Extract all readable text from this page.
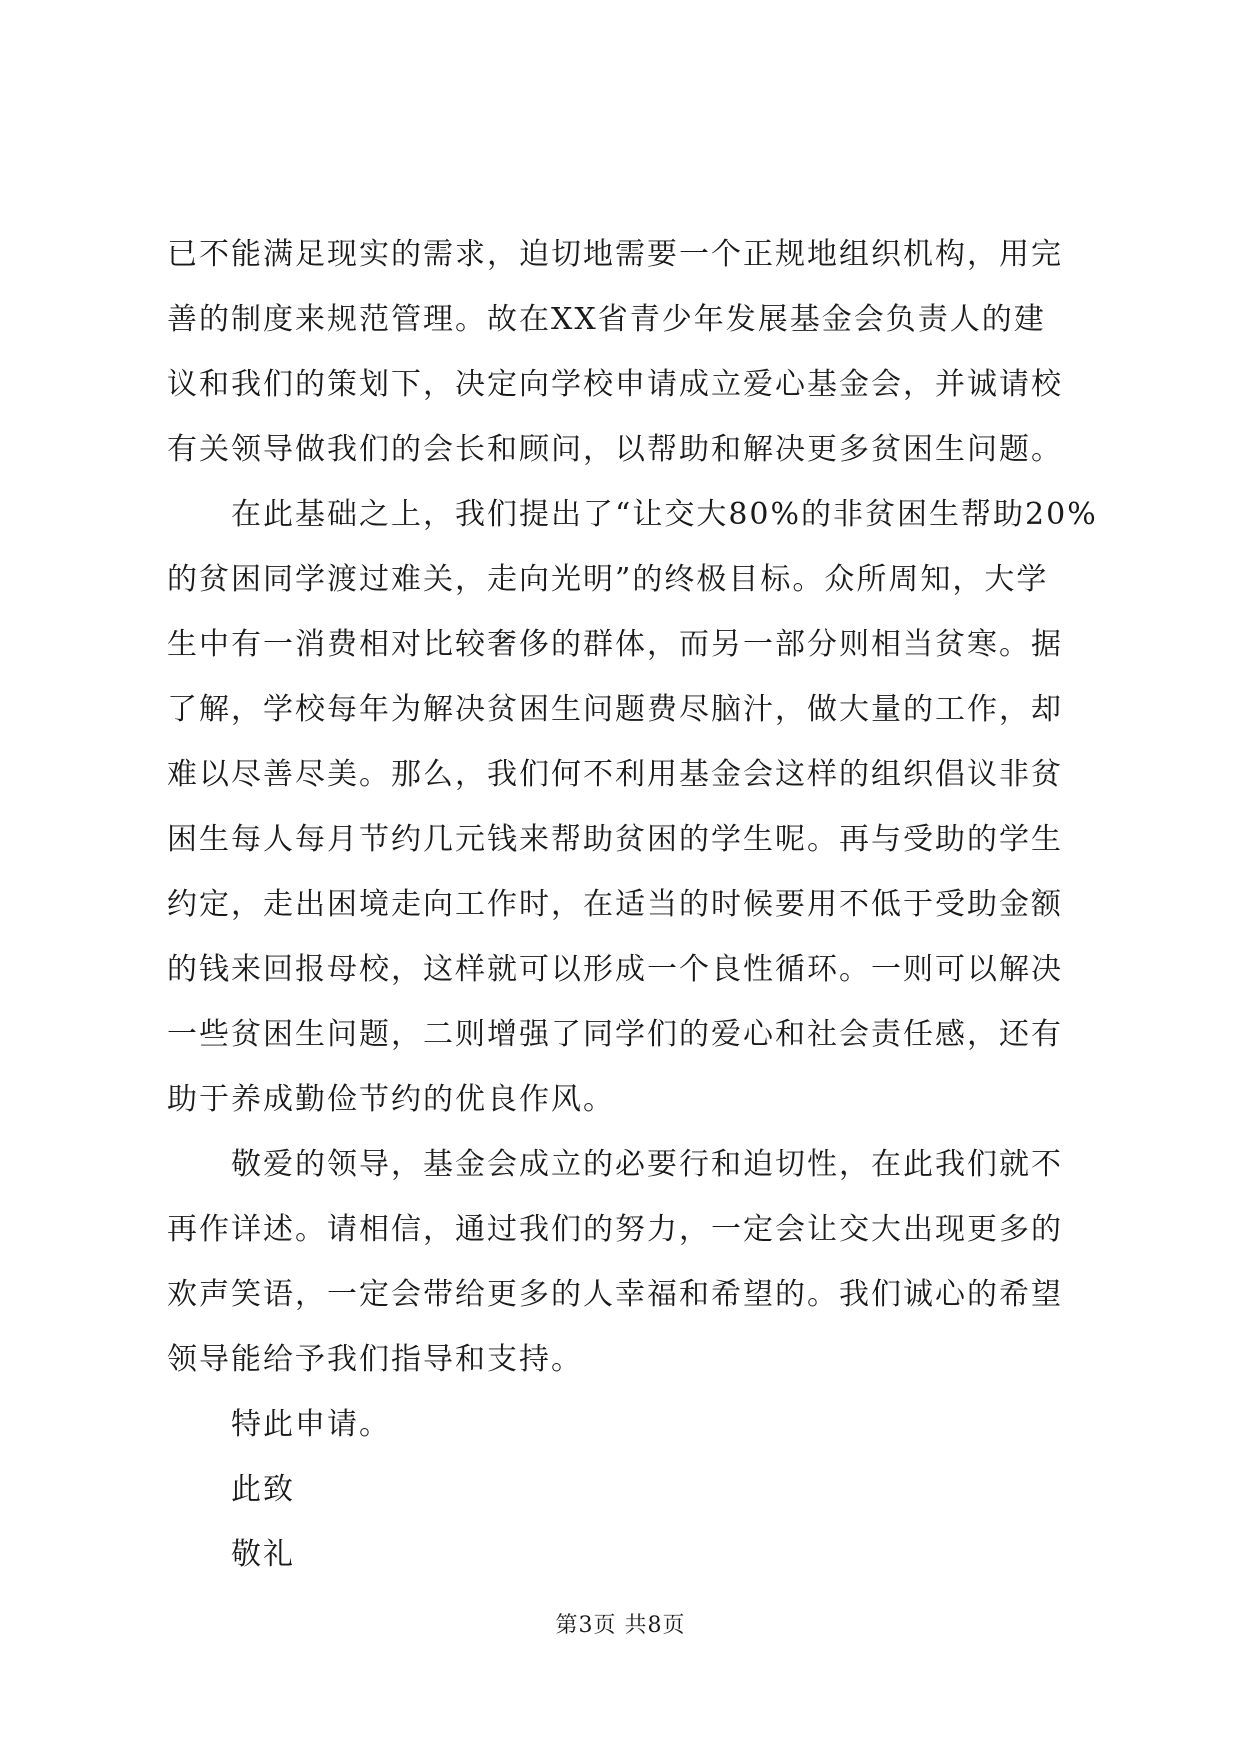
已不能满足现实的需求，迫切地需要一个正规地组织机构，用完
善的制度来规范管理。故在XX省青少年发展基金会负责人的建
议和我们的策划下，决定向学校申请成立爱心基金会，并诚请校
有关领导做我们的会长和顾问，以帮助和解决更多贫困生问题。
在此基础之上，我们提出了“让交大80%的非贫困生帮助20%
的贫困同学渡过难关，走向光明”的终极目标。众所周知，大学
生中有一消费相对比较奢侈的群体，而另一部分则相当贫寒。据
了解，学校每年为解决贫困生问题费尽脑汁，做大量的工作，却
难以尽善尽美。那么，我们何不利用基金会这样的组织倡议非贫
困生每人每月节约几元钱来帮助贫困的学生呢。再与受助的学生
约定，走出困境走向工作时，在适当的时候要用不低于受助金额
的钱来回报母校，这样就可以形成一个良性循环。一则可以解决
一些贫困生问题，二则增强了同学们的爱心和社会责任感，还有
助于养成勤俭节约的优良作风。
敬爱的领导，基金会成立的必要行和迫切性，在此我们就不
再作详述。请相信，通过我们的努力，一定会让交大出现更多的
欢声笑语，一定会带给更多的人幸福和希望的。我们诚心的希望
领导能给予我们指导和支持。
特此申请。
此致
敬礼
第3页 共8页
